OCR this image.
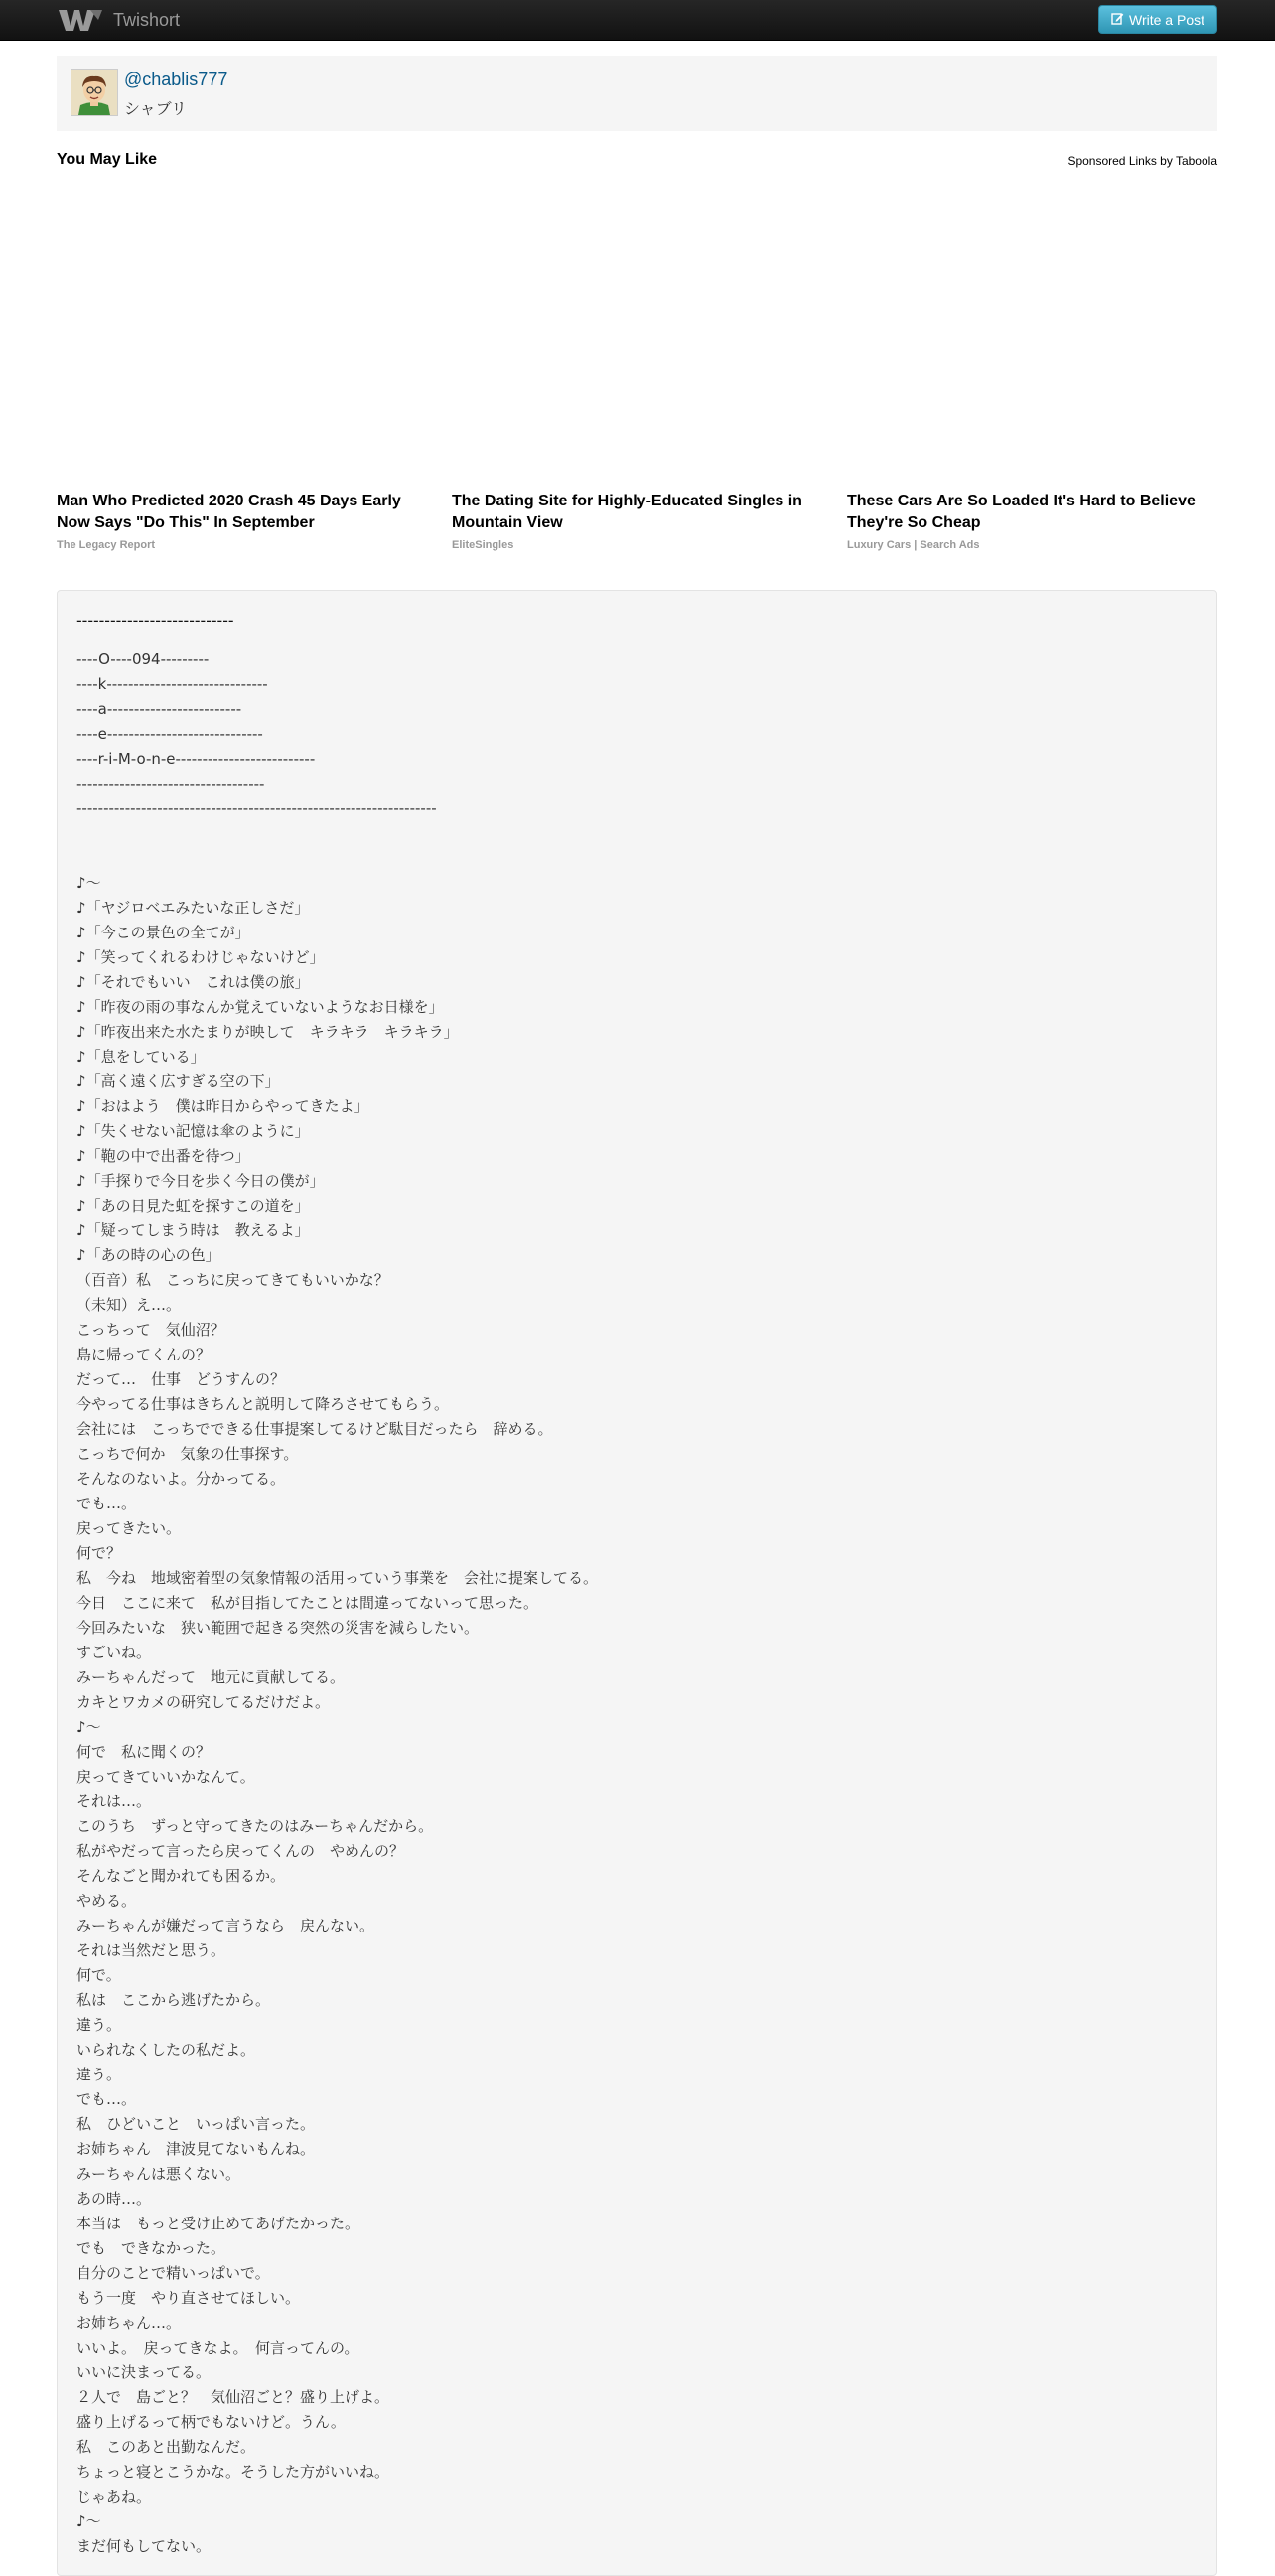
Twishort	Write a Post
@chablis777
シャブリ
You May Like	Sponsored Links by Taboola
Man Who Predicted 2020 Crash 45 Days Early Now Says "Do This" In September
The Legacy Report
The Dating Site for Highly-Educated Singles in Mountain View
EliteSingles
These Cars Are So Loaded It's Hard to Believe They're So Cheap
Luxury Cars | Search Ads
----------------------------
----O----094---------
----k------------------------------
----a-------------------------
----e-----------------------------
----r-i-M-o-n-e--------------------------
-----------------------------------
-------------------------------------------------------------------
♪～
♪「ヤジロベエみたいな正しさだ」
♪「今この景色の全てが」
♪「笑ってくれるわけじゃないけど」
♪「それでもいい　これは僕の旅」
♪「昨夜の雨の事なんか覚えていないようなお日様を」
♪「昨夜出来た水たまりが映して　キラキラ　キラキラ」
♪「息をしている」
♪「高く遠く広すぎる空の下」
♪「おはよう　僕は昨日からやってきたよ」
♪「失くせない記憶は傘のように」
♪「鞄の中で出番を待つ」
♪「手探りで今日を歩く今日の僕が」
♪「あの日見た虹を探すこの道を」
♪「疑ってしまう時は　教えるよ」
♪「あの時の心の色」
（百音）私　こっちに戻ってきてもいいかな？
（未知）え…。
こっちって　気仙沼？
島に帰ってくんの？
だって…　仕事　どうすんの？
今やってる仕事はきちんと説明して降ろさせてもらう。
会社には　こっちでできる仕事提案してるけど駄目だったら　辞める。
こっちで何か　気象の仕事探す。
そんなのないよ。分かってる。
でも…。
戻ってきたい。
何で？
私　今ね　地域密着型の気象情報の活用っていう事業を　会社に提案してる。
今日　ここに来て　私が目指してたことは間違ってないって思った。
今回みたいな　狭い範囲で起きる突然の災害を減らしたい。
すごいね。
みーちゃんだって　地元に貢献してる。
カキとワカメの研究してるだけだよ。
♪～
何で　私に聞くの？
戻ってきていいかなんて。
それは…。
このうち　ずっと守ってきたのはみーちゃんだから。
私がやだって言ったら戻ってくんの　やめんの？
そんなごと聞かれても困るか。
やめる。
みーちゃんが嫌だって言うなら　戻んない。
それは当然だと思う。
何で。
私は　ここから逃げたから。
違う。
いられなくしたの私だよ。
違う。
でも…。
私　ひどいこと　いっぱい言った。
お姉ちゃん　津波見てないもんね。
みーちゃんは悪くない。
あの時…。
本当は　もっと受け止めてあげたかった。
でも　できなかった。
自分のことで精いっぱいで。
もう一度　やり直させてほしい。
お姉ちゃん…。
いいよ。　戻ってきなよ。　何言ってんの。
いいに決まってる。
２人で　島ごと？　気仙沼ごと？盛り上げよ。
盛り上げるって柄でもないけど。うん。
私　このあと出勤なんだ。
ちょっと寝とこうかな。そうした方がいいね。
じゃあね。
♪～
まだ何もしてない。
